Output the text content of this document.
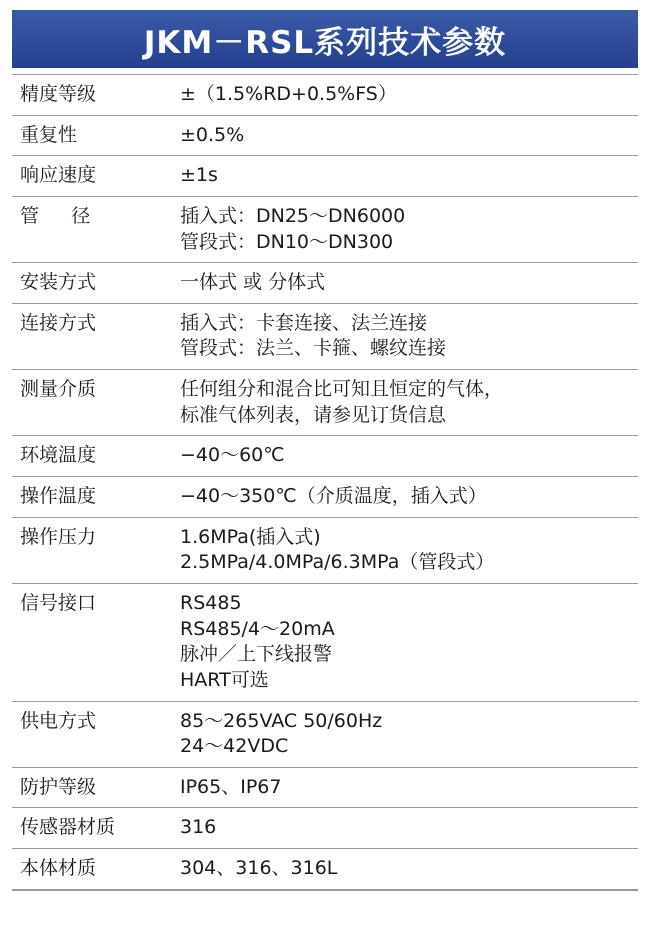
JKM－RSL系列技术参数
精度等级	±（1.5%RD+0.5%FS）

重复性	±0.5%

响应速度	±1s

管　径	插入式：DN25～DN6000
管段式：DN10～DN300

安装方式	一体式 或 分体式

连接方式	插入式：卡套连接、法兰连接
管段式：法兰、卡箍、螺纹连接

测量介质	任何组分和混合比可知且恒定的气体，
标准气体列表，请参见订货信息

环境温度	−40～60℃

操作温度	−40～350℃（介质温度，插入式）

操作压力	1.6MPa(插入式)
2.5MPa/4.0MPa/6.3MPa（管段式）

信号接口	RS485
RS485/4～20mA
脉冲／上下线报警
HART可选

供电方式	85～265VAC 50/60Hz
24～42VDC

防护等级	IP65、IP67

传感器材质	316

本体材质	304、316、316L
